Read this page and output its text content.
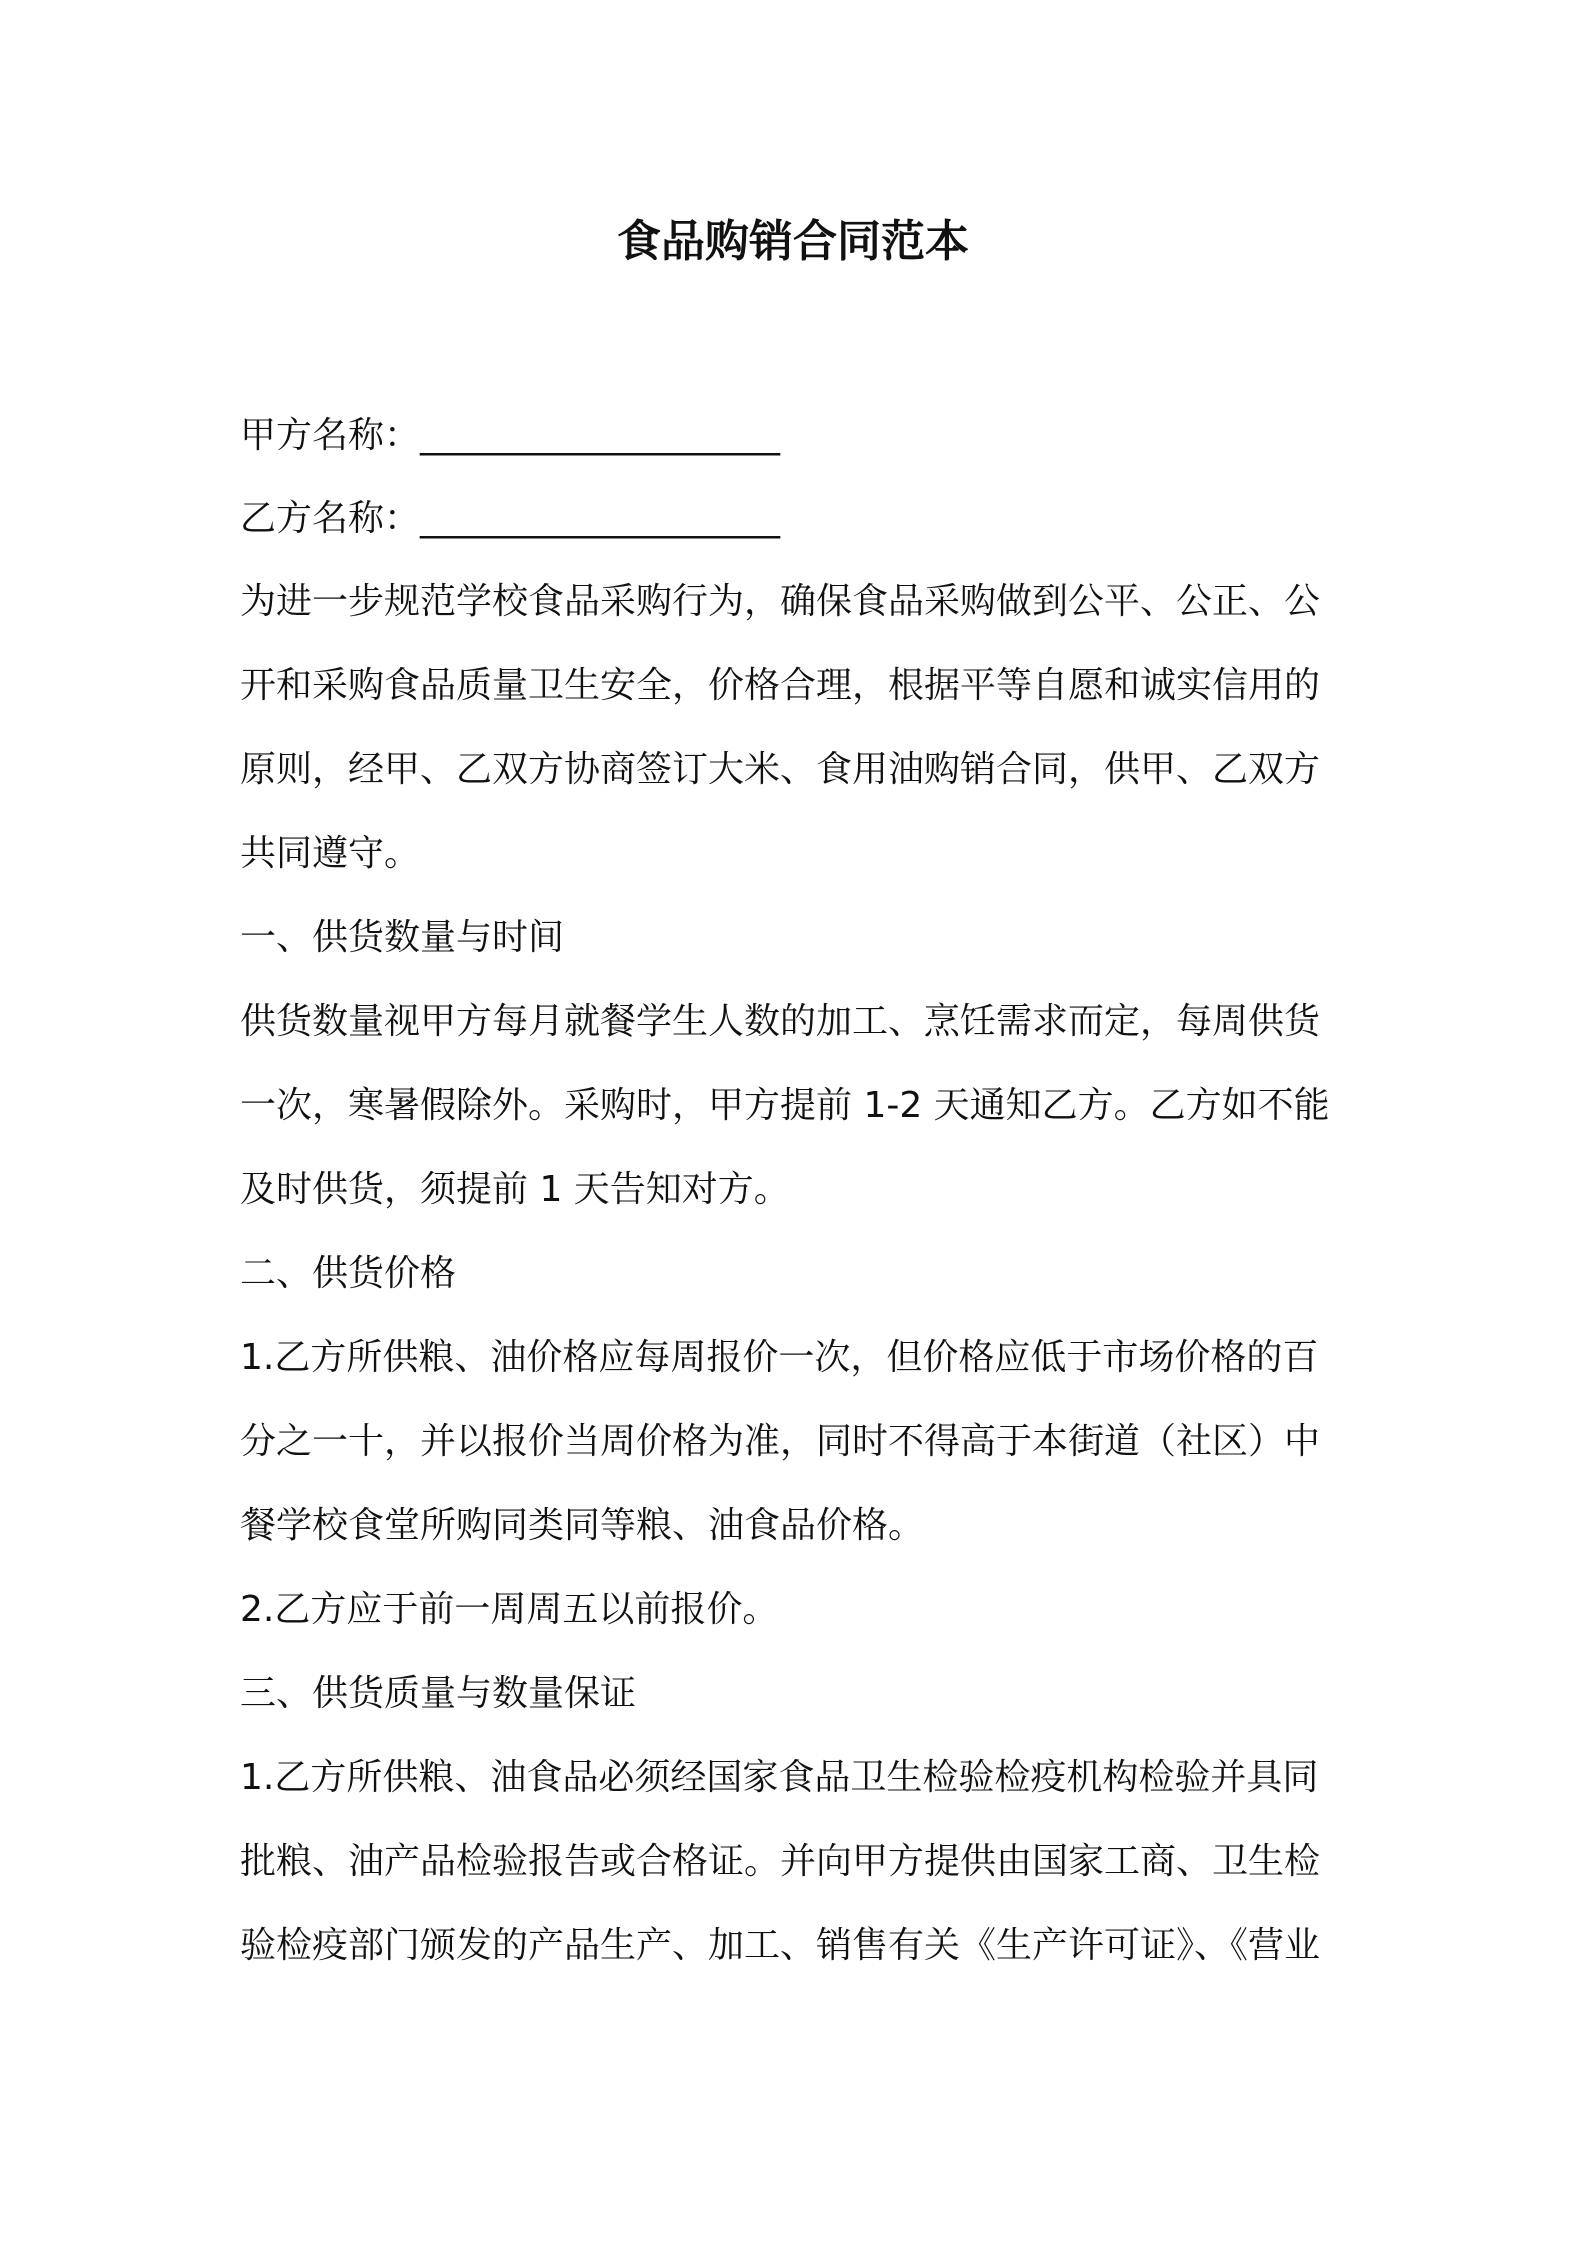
食品购销合同范本
甲方名称：____________________
乙方名称：____________________
为进一步规范学校食品采购行为，确保食品采购做到公平、公正、公
开和采购食品质量卫生安全，价格合理，根据平等自愿和诚实信用的
原则，经甲、乙双方协商签订大米、食用油购销合同，供甲、乙双方
共同遵守。
一、供货数量与时间
供货数量视甲方每月就餐学生人数的加工、烹饪需求而定，每周供货
一次，寒暑假除外。采购时，甲方提前 1-2 天通知乙方。乙方如不能
及时供货，须提前 1 天告知对方。
二、供货价格
1.乙方所供粮、油价格应每周报价一次，但价格应低于市场价格的百
分之一十，并以报价当周价格为准，同时不得高于本街道（社区）中
餐学校食堂所购同类同等粮、油食品价格。
2.乙方应于前一周周五以前报价。
三、供货质量与数量保证
1.乙方所供粮、油食品必须经国家食品卫生检验检疫机构检验并具同
批粮、油产品检验报告或合格证。并向甲方提供由国家工商、卫生检
验检疫部门颁发的产品生产、加工、销售有关《生产许可证》、《营业
